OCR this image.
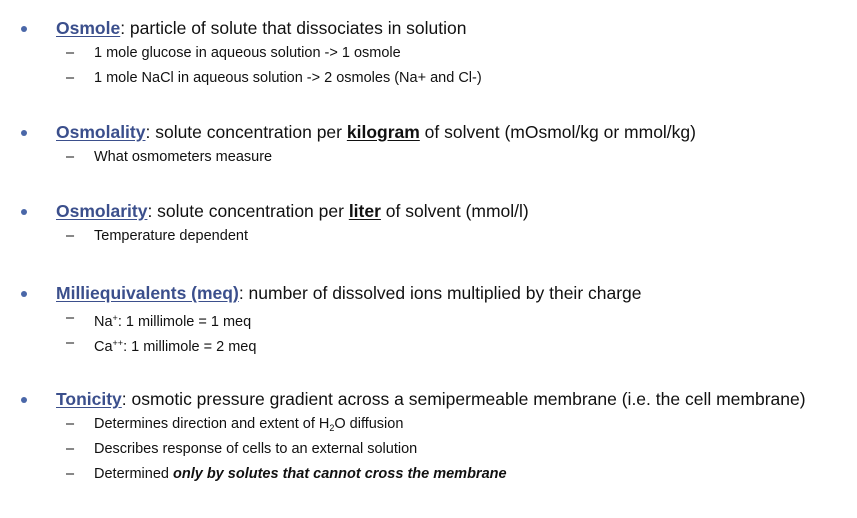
Osmole: particle of solute that dissociates in solution
– 1 mole glucose in aqueous solution -> 1 osmole
– 1 mole NaCl in aqueous solution -> 2 osmoles (Na+ and Cl-)
Osmolality: solute concentration per kilogram of solvent (mOsmol/kg or mmol/kg)
– What osmometers measure
Osmolarity: solute concentration per liter of solvent (mmol/l)
– Temperature dependent
Milliequivalents (meq): number of dissolved ions multiplied by their charge
– Na+: 1 millimole = 1 meq
– Ca++: 1 millimole = 2 meq
Tonicity: osmotic pressure gradient across a semipermeable membrane (i.e. the cell membrane)
– Determines direction and extent of $H_2O$ diffusion
– Describes response of cells to an external solution
– Determined only by solutes that cannot cross the membrane
